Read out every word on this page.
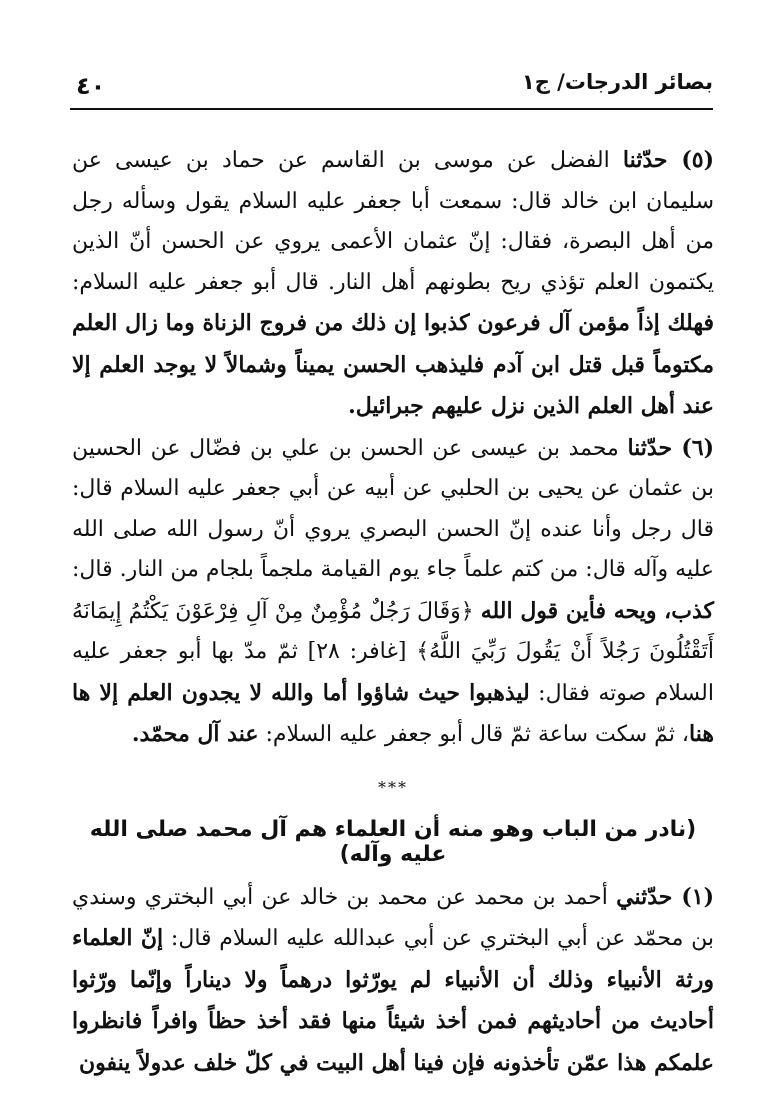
بصائر الدرجات/ ج١
٤٠

(٥) حدّثنا الفضل عن موسى بن القاسم عن حماد بن عيسى عن سليمان ابن خالد قال: سمعت أبا جعفر عليه السلام يقول وسأله رجل من أهل البصرة، فقال: إنّ عثمان الأعمى يروي عن الحسن أنّ الذين يكتمون العلم تؤذي ريح بطونهم أهل النار. قال أبو جعفر عليه السلام: فهلك إذاً مؤمن آل فرعون كذبوا إن ذلك من فروج الزناة وما زال العلم مكتوماً قبل قتل ابن آدم فليذهب الحسن يميناً وشمالاً لا يوجد العلم إلا عند أهل العلم الذين نزل عليهم جبرائيل.

(٦) حدّثنا محمد بن عيسى عن الحسن بن علي بن فضّال عن الحسين بن عثمان عن يحيى بن الحلبي عن أبيه عن أبي جعفر عليه السلام قال: قال رجل وأنا عنده إنّ الحسن البصري يروي أنّ رسول الله صلى الله عليه وآله قال: من كتم علماً جاء يوم القيامة ملجماً بلجام من النار. قال: كذب، ويحه فأين قول الله ﴿وَقَالَ رَجُلٌ مُؤْمِنٌ مِنْ آلِ فِرْعَوْنَ يَكْتُمُ إِيمَانَهُ أَتَقْتُلُونَ رَجُلاً أَنْ يَقُولَ رَبِّيَ اللَّهُ﴾ [غافر: ٢٨] ثمّ مدّ بها أبو جعفر عليه السلام صوته فقال: ليذهبوا حيث شاؤوا أما والله لا يجدون العلم إلا ها هنا، ثمّ سكت ساعة ثمّ قال أبو جعفر عليه السلام: عند آل محمّد.

***
(نادر من الباب وهو منه أن العلماء هم آل محمد صلى الله عليه وآله)

(١) حدّثني أحمد بن محمد عن محمد بن خالد عن أبي البختري وسندي بن محمّد عن أبي البختري عن أبي عبدالله عليه السلام قال: إنّ العلماء ورثة الأنبياء وذلك أن الأنبياء لم يورّثوا درهماً ولا ديناراً وإنّما ورّثوا أحاديث من أحاديثهم فمن أخذ شيئاً منها فقد أخذ حظاً وافراً فانظروا علمكم هذا عمّن تأخذونه فإن فينا أهل البيت في كلّ خلف عدولاً ينفون
